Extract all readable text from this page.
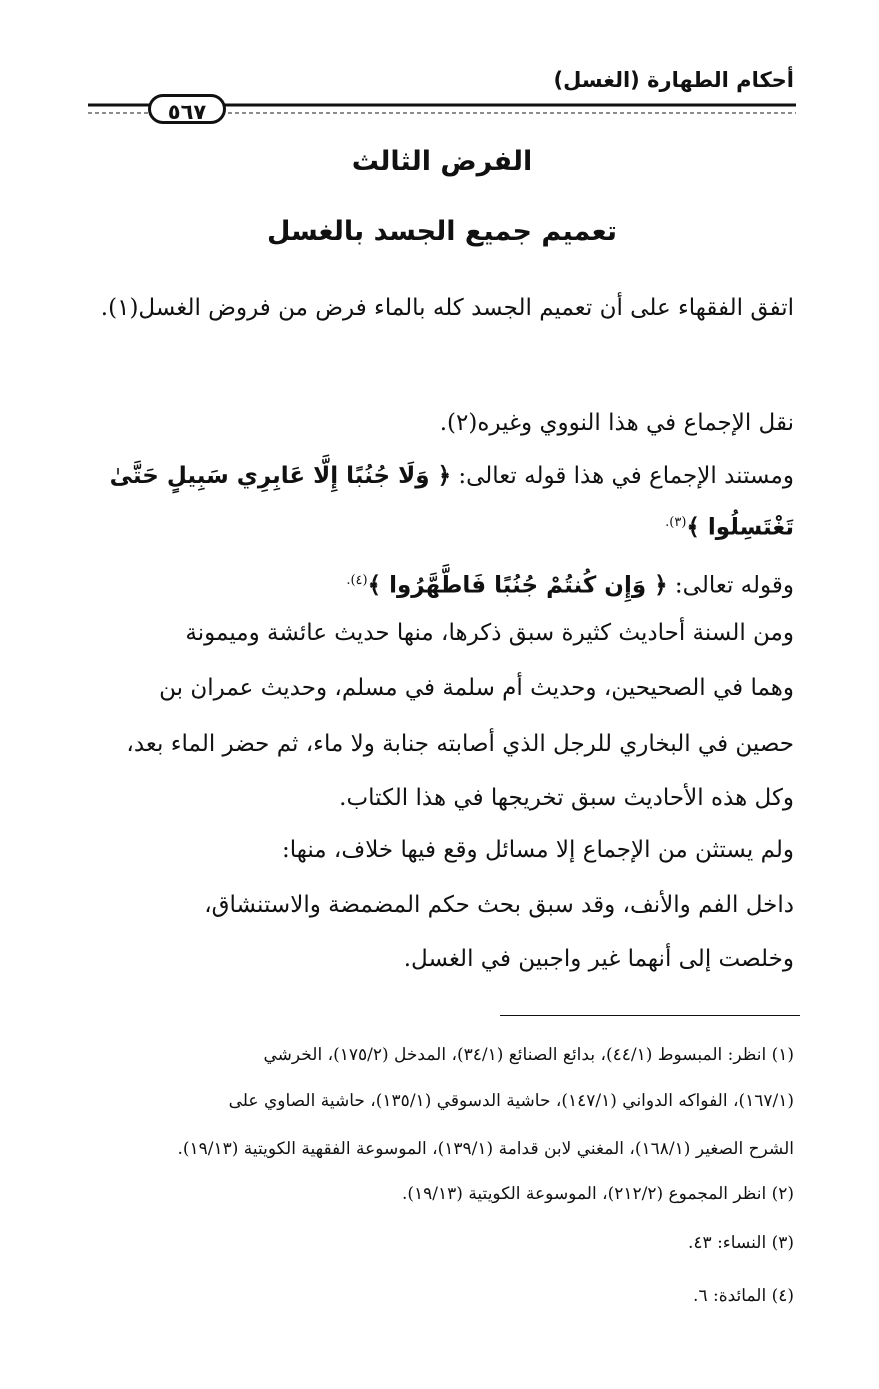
أحكام الطهارة (الغسل)
٥٦٧
الفرض الثالث
تعميم جميع الجسد بالغسل
اتفق الفقهاء على أن تعميم الجسد كله بالماء فرض من فروض الغسل(١).
نقل الإجماع في هذا النووي وغيره(٢).
ومستند الإجماع في هذا قوله تعالى: ﴿ وَلَا جُنُبًا إِلَّا عَابِرِي سَبِيلٍ حَتَّىٰ
تَغْتَسِلُوا ﴾$^{(٣).}$
وقوله تعالى: ﴿ وَإِن كُنتُمْ جُنُبًا فَاطَّهَّرُوا ﴾$^{(٤).}$
ومن السنة أحاديث كثيرة سبق ذكرها، منها حديث عائشة وميمونة
وهما في الصحيحين، وحديث أم سلمة في مسلم، وحديث عمران بن
حصين في البخاري للرجل الذي أصابته جنابة ولا ماء، ثم حضر الماء بعد،
وكل هذه الأحاديث سبق تخريجها في هذا الكتاب.
ولم يستثن من الإجماع إلا مسائل وقع فيها خلاف، منها:
داخل الفم والأنف، وقد سبق بحث حكم المضمضة والاستنشاق،
وخلصت إلى أنهما غير واجبين في الغسل.
(١) انظر: المبسوط (٤٤/١)، بدائع الصنائع (٣٤/١)، المدخل (١٧٥/٢)، الخرشي
(١٦٧/١)، الفواكه الدواني (١٤٧/١)، حاشية الدسوقي (١٣٥/١)، حاشية الصاوي على
الشرح الصغير (١٦٨/١)، المغني لابن قدامة (١٣٩/١)، الموسوعة الفقهية الكويتية (١٩/١٣).
(٢) انظر المجموع (٢١٢/٢)، الموسوعة الكويتية (١٩/١٣).
(٣) النساء: ٤٣.
(٤) المائدة: ٦.
